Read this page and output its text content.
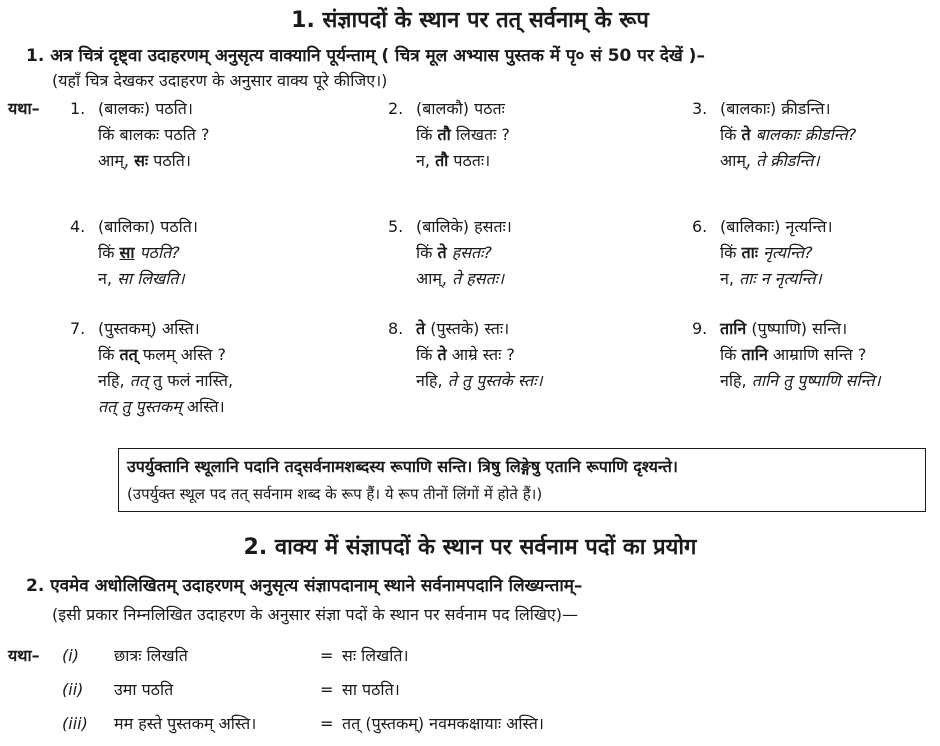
1. संज्ञापदों के स्थान पर तत् सर्वनाम् के रूप
1. अत्र चित्रं दृष्ट्वा उदाहरणम् अनुसृत्य वाक्यानि पूर्यन्ताम् ( चित्र मूल अभ्यास पुस्तक में पृ० सं 50 पर देखें )–
(यहाँ चित्र देखकर उदाहरण के अनुसार वाक्य पूरे कीजिए।)
यथा– 1. (बालकः) पठति।
किं बालकः पठति ?
आम्, सः पठति।
2. (बालकौ) पठतः
किं तौ लिखतः ?
न, तौ पठतः।
3. (बालकाः) क्रीडन्ति।
किं ते बालकाः क्रीडन्ति?
आम्, ते क्रीडन्ति।
4. (बालिका) पठति।
किं सा पठति?
न, सा लिखति।
5. (बालिके) हसतः।
किं ते हसतः?
आम्, ते हसतः।
6. (बालिकाः) नृत्यन्ति।
किं ताः नृत्यन्ति?
न, ताः न नृत्यन्ति।
7. (पुस्तकम्) अस्ति।
किं तत् फलम् अस्ति ?
नहि, तत् तु फलं नास्ति,
तत् तु पुस्तकम् अस्ति।
8. ते (पुस्तके) स्तः।
किं ते आम्रे स्तः ?
नहि, ते तु पुस्तके स्तः।
9. तानि (पुष्पाणि) सन्ति।
किं तानि आम्राणि सन्ति ?
नहि, तानि तु पुष्पाणि सन्ति।
उपर्युक्तानि स्थूलानि पदानि तद्सर्वनामशब्दस्य रूपाणि सन्ति। त्रिषु लिङ्गेषु एतानि रूपाणि दृश्यन्ते।
(उपर्युक्त स्थूल पद तत् सर्वनाम शब्द के रूप हैं। ये रूप तीनों लिंगों में होते हैं।)
2. वाक्य में संज्ञापदों के स्थान पर सर्वनाम पदों का प्रयोग
2. एवमेव अधोलिखितम् उदाहरणम् अनुसृत्य संज्ञापदानाम् स्थाने सर्वनामपदानि लिख्यन्ताम्–
(इसी प्रकार निम्नलिखित उदाहरण के अनुसार संज्ञा पदों के स्थान पर सर्वनाम पद लिखिए)—
यथा– (i) छात्रः लिखति	= सः लिखति।
(ii) उमा पठति	= सा पठति।
(iii) मम हस्ते पुस्तकम् अस्ति।	= तत् (पुस्तकम्) नवमकक्षायाः अस्ति।
